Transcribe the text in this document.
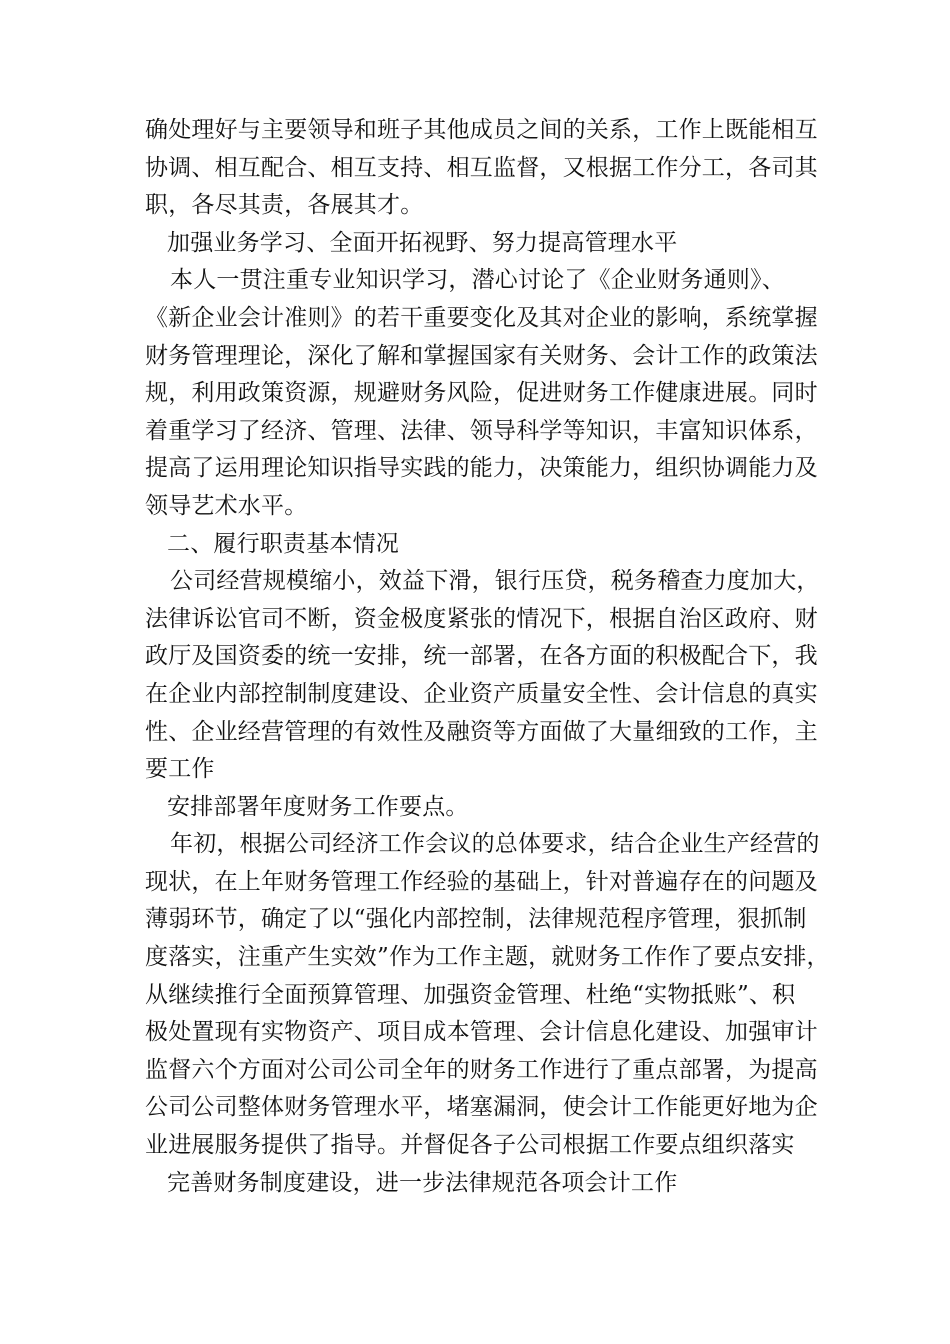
确处理好与主要领导和班子其他成员之间的关系，工作上既能相互
协调、相互配合、相互支持、相互监督，又根据工作分工，各司其
职，各尽其责，各展其才。
加强业务学习、全面开拓视野、努力提高管理水平
本人一贯注重专业知识学习，潜心讨论了《企业财务通则》、
《新企业会计准则》的若干重要变化及其对企业的影响，系统掌握
财务管理理论，深化了解和掌握国家有关财务、会计工作的政策法
规，利用政策资源，规避财务风险，促进财务工作健康进展。同时
着重学习了经济、管理、法律、领导科学等知识，丰富知识体系，
提高了运用理论知识指导实践的能力，决策能力，组织协调能力及
领导艺术水平。
二、履行职责基本情况
公司经营规模缩小，效益下滑，银行压贷，税务稽查力度加大，
法律诉讼官司不断，资金极度紧张的情况下，根据自治区政府、财
政厅及国资委的统一安排，统一部署，在各方面的积极配合下，我
在企业内部控制制度建设、企业资产质量安全性、会计信息的真实
性、企业经营管理的有效性及融资等方面做了大量细致的工作，主
要工作
安排部署年度财务工作要点。
年初，根据公司经济工作会议的总体要求，结合企业生产经营的
现状，在上年财务管理工作经验的基础上，针对普遍存在的问题及
薄弱环节，确定了以“强化内部控制，法律规范程序管理，狠抓制
度落实，注重产生实效”作为工作主题，就财务工作作了要点安排，
从继续推行全面预算管理、加强资金管理、杜绝“实物抵账”、积
极处置现有实物资产、项目成本管理、会计信息化建设、加强审计
监督六个方面对公司公司全年的财务工作进行了重点部署，为提高
公司公司整体财务管理水平，堵塞漏洞，使会计工作能更好地为企
业进展服务提供了指导。并督促各子公司根据工作要点组织落实
完善财务制度建设，进一步法律规范各项会计工作
